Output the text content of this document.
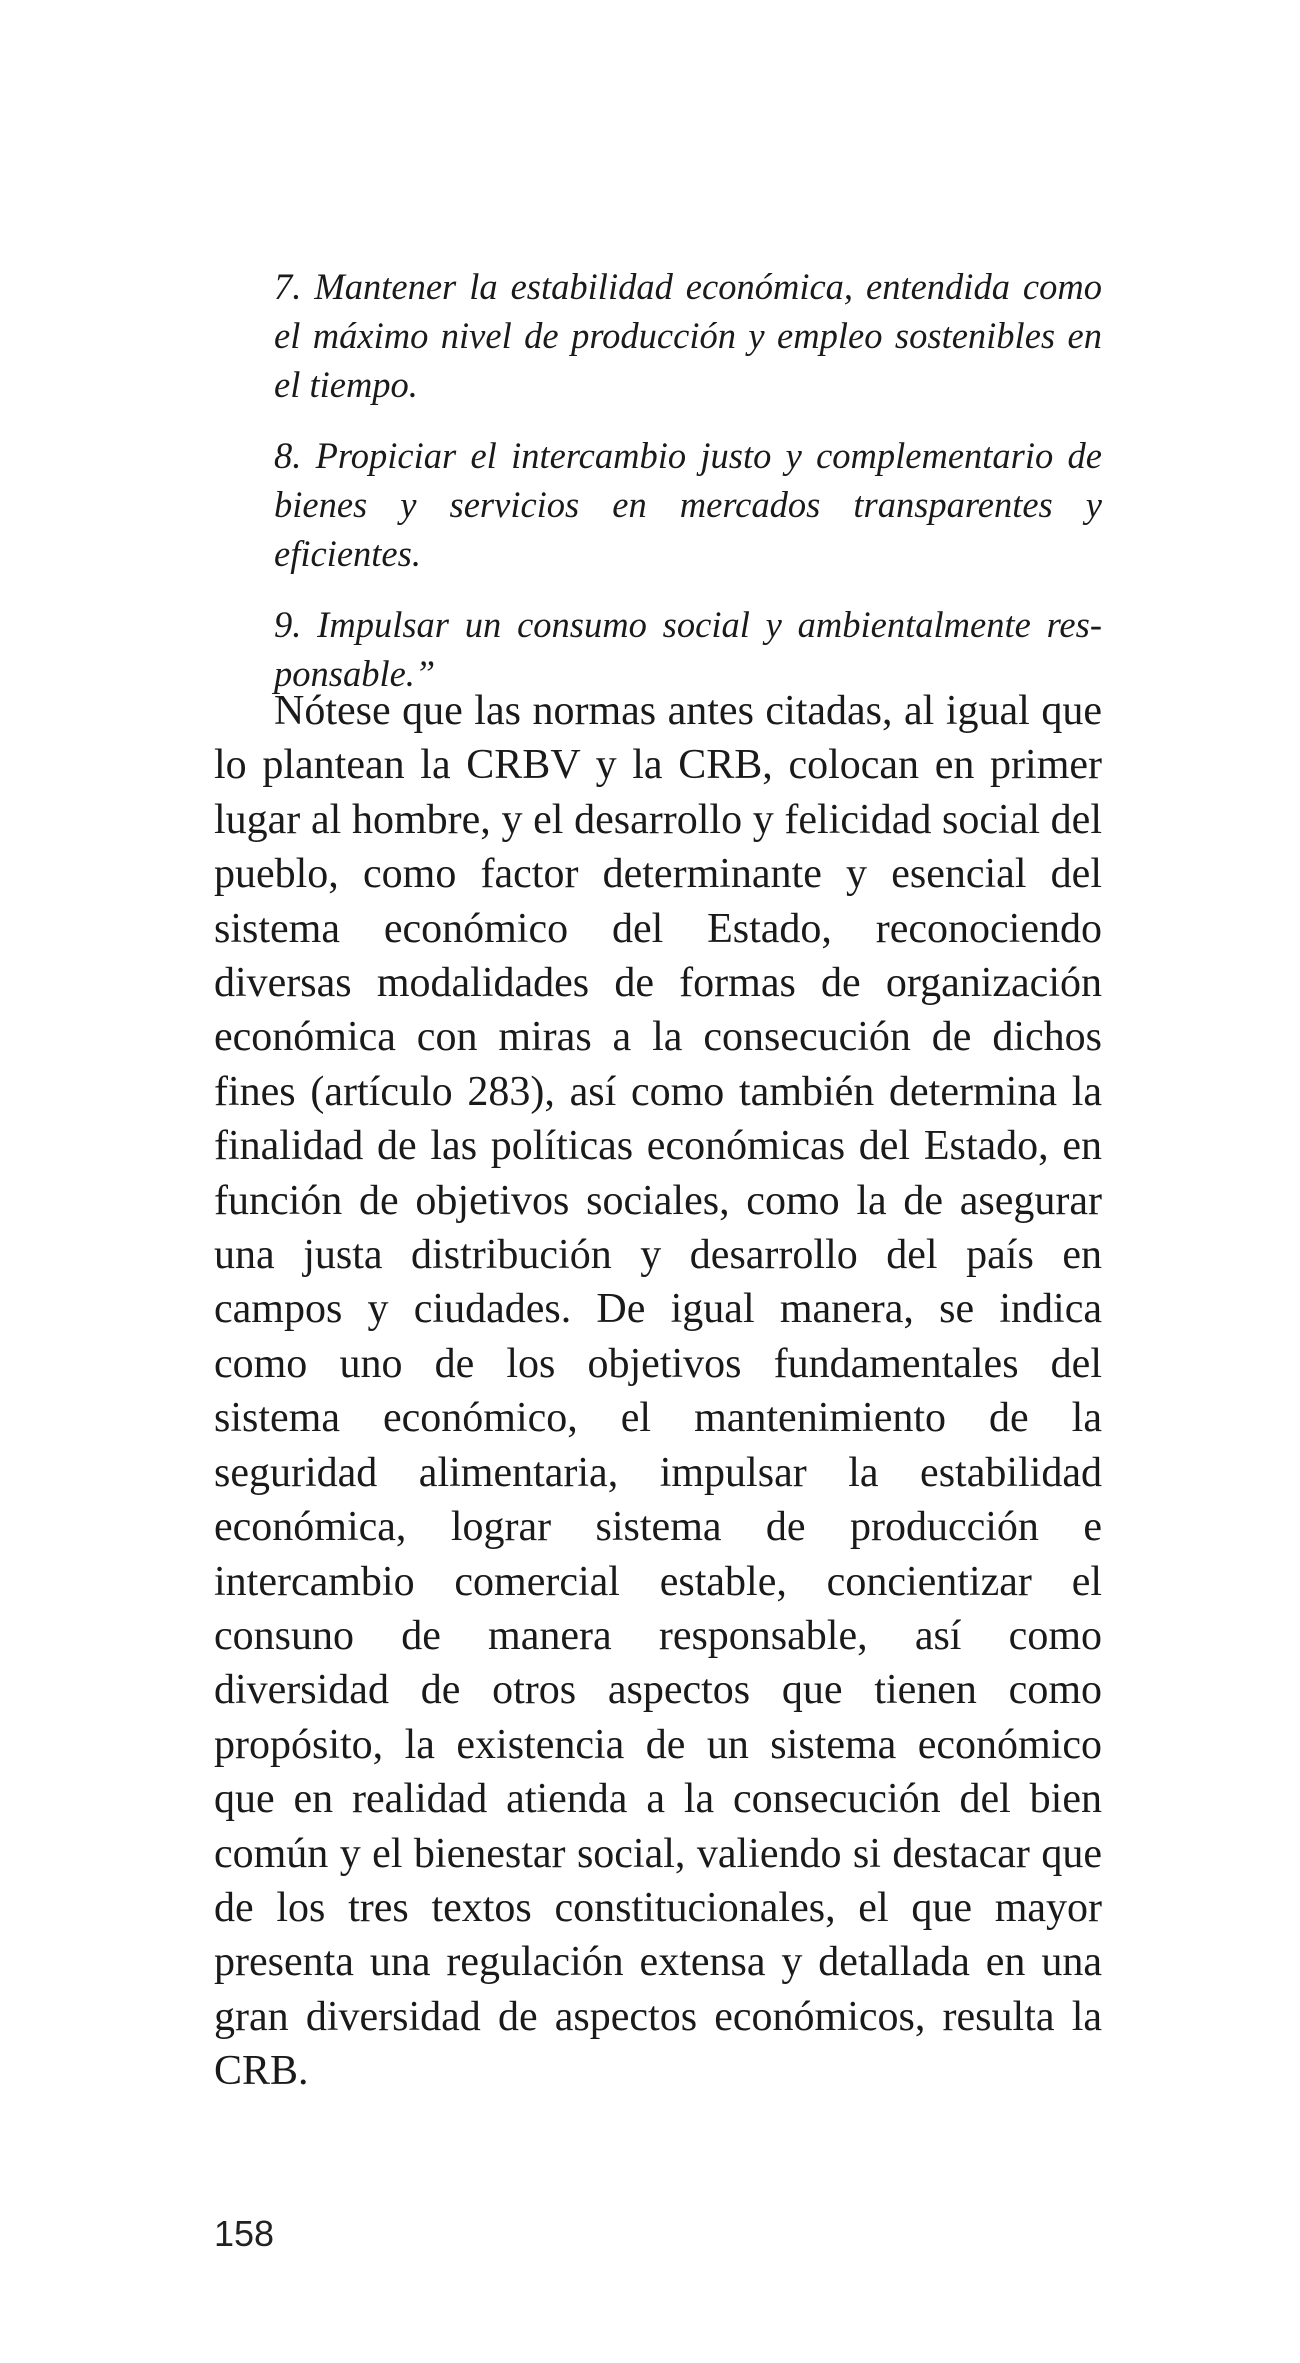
7. Mantener la estabilidad económica, entendida como el máximo nivel de producción y empleo sostenibles en el tiempo.

8. Propiciar el intercambio justo y complementario de bienes y servicios en mercados transparentes y eficientes.

9. Impulsar un consumo social y ambientalmente responsable.”

Nótese que las normas antes citadas, al igual que lo plantean la CRBV y la CRB, colocan en primer lugar al hombre, y el desarrollo y felicidad social del pueblo, como factor determinante y esencial del sistema económico del Estado, reconociendo diversas modalidades de formas de organización económica con miras a la consecución de dichos fines (artículo 283), así como también determina la finalidad de las políticas económicas del Estado, en función de objetivos sociales, como la de asegurar una justa distribución y desarrollo del país en campos y ciudades. De igual manera, se indica como uno de los objetivos fundamentales del sistema económico, el mantenimiento de la seguridad alimentaria, impulsar la estabilidad económica, lograr sistema de producción e intercambio comercial estable, concientizar el consuno de manera responsable, así como diversidad de otros aspectos que tienen como propósito, la existencia de un sistema económico que en realidad atienda a la consecución del bien común y el bienestar social, valiendo si destacar que de los tres textos constitucionales, el que mayor presenta una regulación extensa y detallada en una gran diversidad de aspectos económicos, resulta la CRB.

158
